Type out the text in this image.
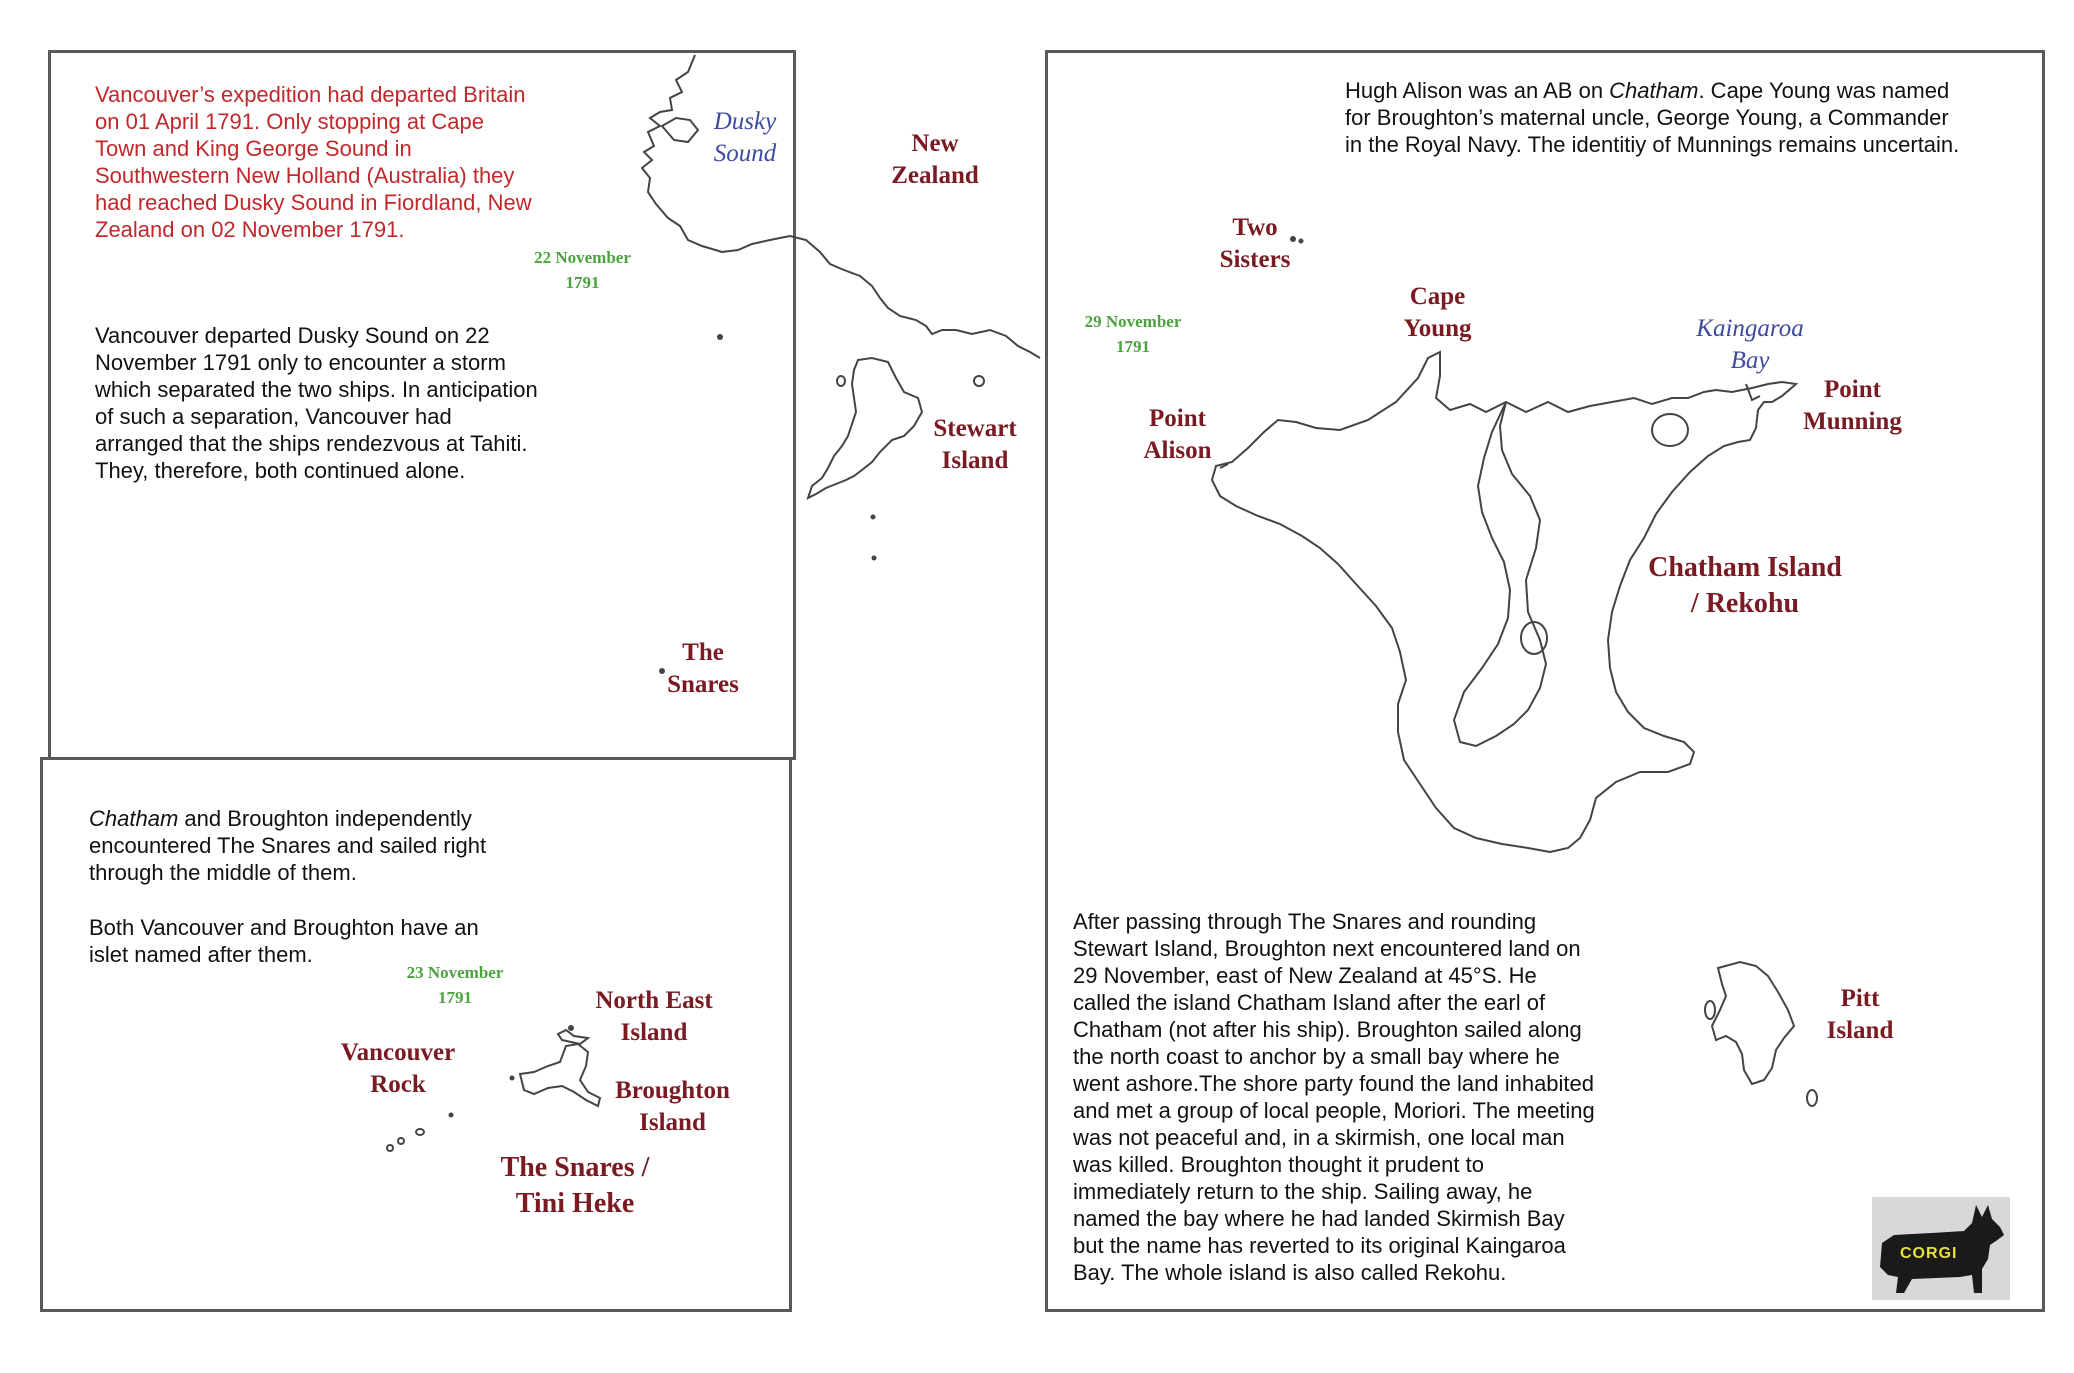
Vancouver’s expedition had departed Britain
on 01 April 1791. Only stopping at Cape
Town and King George Sound in
Southwestern New Holland (Australia) they
had reached Dusky Sound in Fiordland, New
Zealand on 02 November 1791.
Vancouver departed Dusky Sound on 22
November 1791 only to encounter a storm
which separated the two ships. In anticipation
of such a separation, Vancouver had
arranged that the ships rendezvous at Tahiti.
They, therefore, both continued alone.
22 November
1791
Dusky
Sound	New
Zealand
Stewart
Island
The
Snares
Chatham and Broughton independently
encountered The Snares and sailed right
through the middle of them.
Both Vancouver and Broughton have an
islet named after them.
23 November
1791	North East
Island
Vancouver
Rock	Broughton
Island
The Snares /
Tini Heke
Hugh Alison was an AB on Chatham. Cape Young was named
for Broughton’s maternal uncle, George Young, a Commander
in the Royal Navy. The identitiy of Munnings remains uncertain.
After passing through The Snares and rounding
Stewart Island, Broughton next encountered land on
29 November, east of New Zealand at 45°S. He
called the island Chatham Island after the earl of
Chatham (not after his ship). Broughton sailed along
the north coast to anchor by a small bay where he
went ashore.The shore party found the land inhabited
and met a group of local people, Moriori. The meeting
was not peaceful and, in a skirmish, one local man
was killed. Broughton thought it prudent to
immediately return to the ship. Sailing away, he
named the bay where he had landed Skirmish Bay
but the name has reverted to its original Kaingaroa
Bay. The whole island is also called Rekohu.
29 November
1791
Two
Sisters
Cape
Young	Kaingaroa
Bay
Point
Alison
Point
Munning
Chatham Island
/ Rekohu
Pitt
Island
CORGI
